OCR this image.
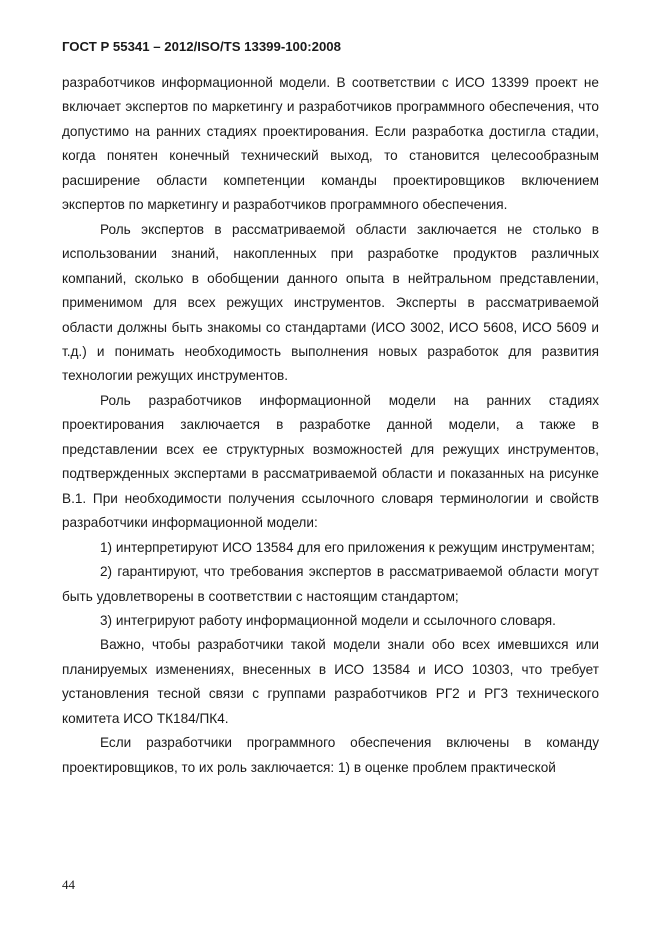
ГОСТ Р 55341 – 2012/ISO/TS 13399-100:2008

разработчиков информационной модели. В соответствии с ИСО 13399 проект не включает экспертов по маркетингу и разработчиков программного обеспечения, что допустимо на ранних стадиях проектирования. Если разработка достигла стадии, когда понятен конечный технический выход, то становится целесообразным расширение области компетенции команды проектировщиков включением экспертов по маркетингу и разработчиков программного обеспечения.

Роль экспертов в рассматриваемой области заключается не столько в использовании знаний, накопленных при разработке продуктов различных компаний, сколько в обобщении данного опыта в нейтральном представлении, применимом для всех режущих инструментов. Эксперты в рассматриваемой области должны быть знакомы со стандартами (ИСО 3002, ИСО 5608, ИСО 5609 и т.д.) и понимать необходимость выполнения новых разработок для развития технологии режущих инструментов.

Роль разработчиков информационной модели на ранних стадиях проектирования заключается в разработке данной модели, а также в представлении всех ее структурных возможностей для режущих инструментов, подтвержденных экспертами в рассматриваемой области и показанных на рисунке В.1. При необходимости получения ссылочного словаря терминологии и свойств разработчики информационной модели:

1) интерпретируют ИСО 13584 для его приложения к режущим инструментам;

2) гарантируют, что требования экспертов в рассматриваемой области могут быть удовлетворены в соответствии с настоящим стандартом;

3) интегрируют работу информационной модели и ссылочного словаря.

Важно, чтобы разработчики такой модели знали обо всех имевшихся или планируемых изменениях, внесенных в ИСО 13584 и ИСО 10303, что требует установления тесной связи с группами разработчиков РГ2 и РГ3 технического комитета ИСО ТК184/ПК4.

Если разработчики программного обеспечения включены в команду проектировщиков, то их роль заключается: 1) в оценке проблем практической

44
